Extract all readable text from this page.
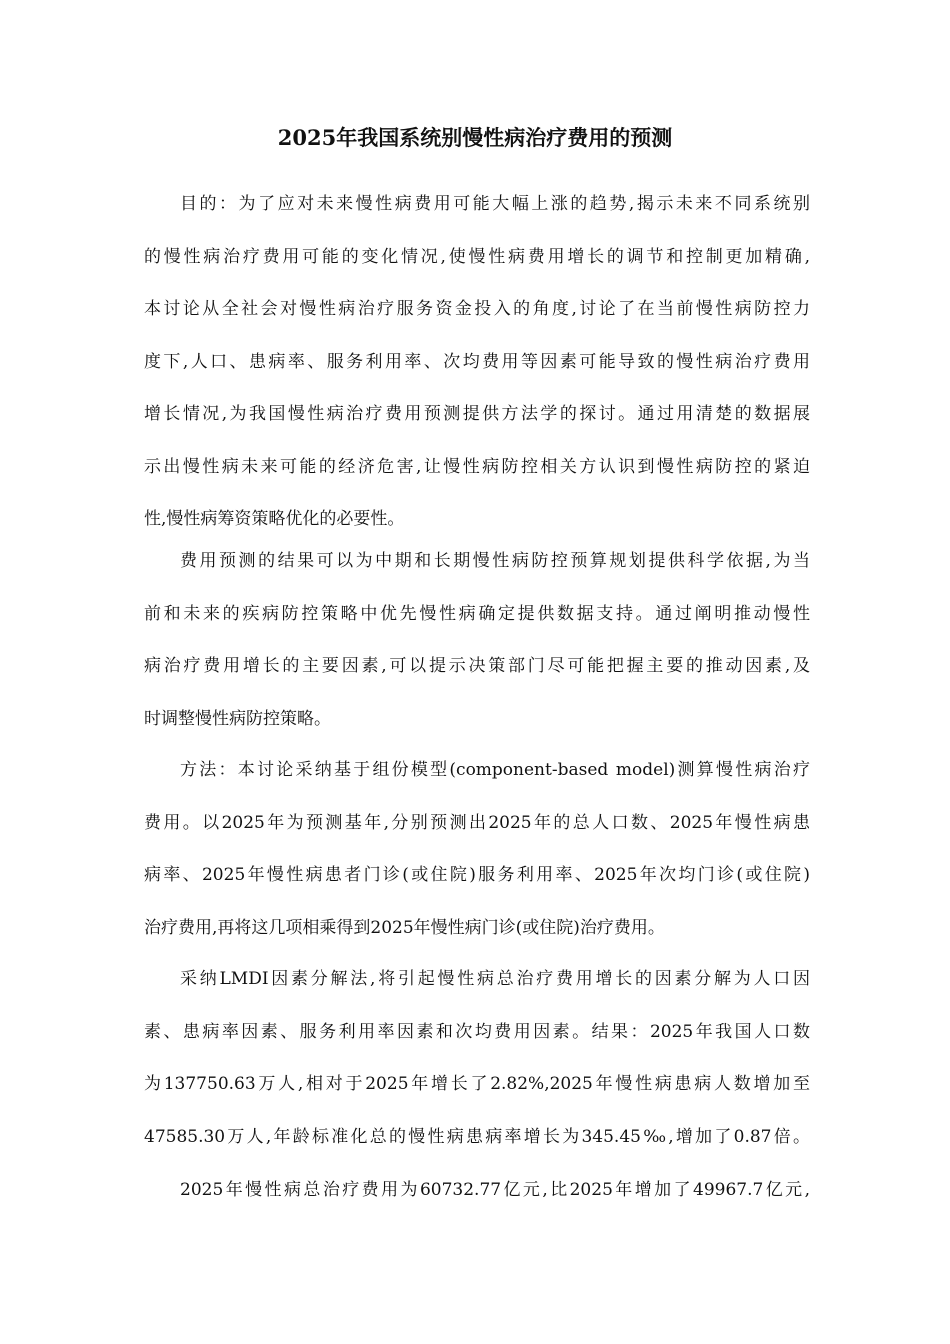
2025年我国系统别慢性病治疗费用的预测
目的：为了应对未来慢性病费用可能大幅上涨的趋势,揭示未来不同系统别
的慢性病治疗费用可能的变化情况,使慢性病费用增长的调节和控制更加精确,
本讨论从全社会对慢性病治疗服务资金投入的角度,讨论了在当前慢性病防控力
度下,人口、患病率、服务利用率、次均费用等因素可能导致的慢性病治疗费用
增长情况,为我国慢性病治疗费用预测提供方法学的探讨。通过用清楚的数据展
示出慢性病未来可能的经济危害,让慢性病防控相关方认识到慢性病防控的紧迫
性,慢性病筹资策略优化的必要性。
费用预测的结果可以为中期和长期慢性病防控预算规划提供科学依据,为当
前和未来的疾病防控策略中优先慢性病确定提供数据支持。通过阐明推动慢性
病治疗费用增长的主要因素,可以提示决策部门尽可能把握主要的推动因素,及
时调整慢性病防控策略。
方法：本讨论采纳基于组份模型(component-based model)测算慢性病治疗
费用。以2025年为预测基年,分别预测出2025年的总人口数、2025年慢性病患
病率、2025年慢性病患者门诊(或住院)服务利用率、2025年次均门诊(或住院)
治疗费用,再将这几项相乘得到2025年慢性病门诊(或住院)治疗费用。
采纳LMDI因素分解法,将引起慢性病总治疗费用增长的因素分解为人口因
素、患病率因素、服务利用率因素和次均费用因素。结果：2025年我国人口数
为137750.63万人,相对于2025年增长了2.82%,2025年慢性病患病人数增加至
47585.30万人,年龄标准化总的慢性病患病率增长为345.45‰,增加了0.87倍。
2025年慢性病总治疗费用为60732.77亿元,比2025年增加了49967.7亿元,
